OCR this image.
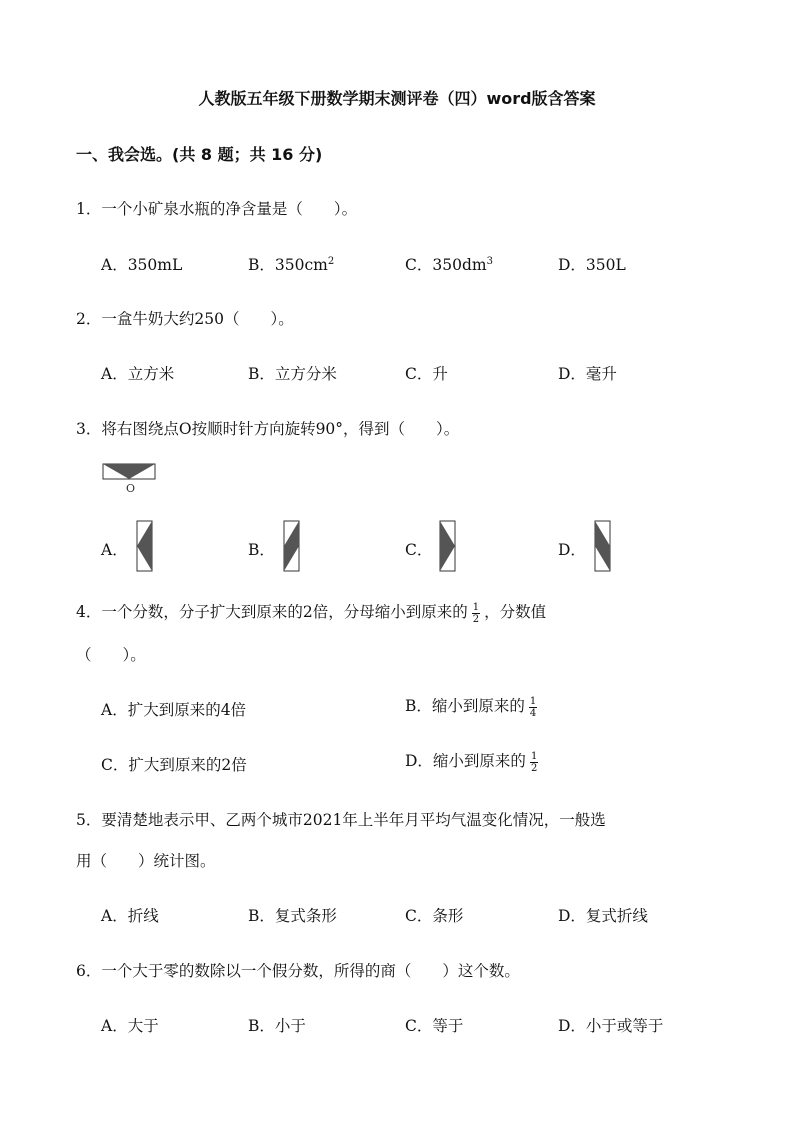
人教版五年级下册数学期末测评卷（四）word版含答案
一、我会选。(共 8 题；共 16 分)
1．一个小矿泉水瓶的净含量是（　　）。
A．350mL	B．$350cm^2$	C．$350dm^3$	D．350L
2．一盒牛奶大约250（　　）。
A．立方米	B．立方分米	C．升	D．毫升
3．将右图绕点O按顺时针方向旋转90°，得到（　　）。
O
A．	B．	C．	D．
4．一个分数，分子扩大到原来的2倍，分母缩小到原来的 $\frac{1}{2}$ ，分数值
（　　）。
A．扩大到原来的4倍	B．缩小到原来的 $\frac{1}{4}$
C．扩大到原来的2倍	D．缩小到原来的 $\frac{1}{2}$
5．要清楚地表示甲、乙两个城市2021年上半年月平均气温变化情况，一般选
用（　　）统计图。
A．折线	B．复式条形	C．条形	D．复式折线
6．一个大于零的数除以一个假分数，所得的商（　　）这个数。
A．大于	B．小于	C．等于	D．小于或等于
